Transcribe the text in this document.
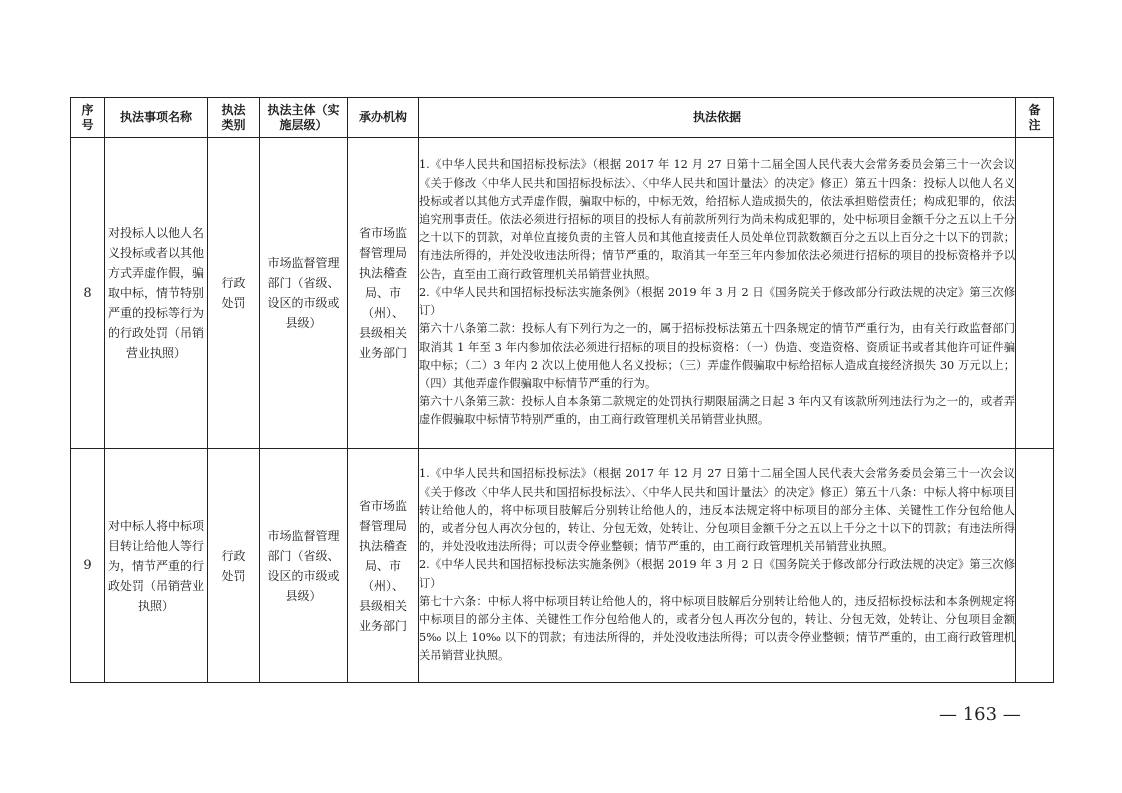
序号	执法事项名称	执法类别	执法主体（实施层级）	承办机构	执法依据	备注
8	对投标人以他人名义投标或者以其他方式弄虚作假，骗取中标，情节特别严重的投标等行为的行政处罚（吊销营业执照）	行政处罚	市场监督管理部门（省级、设区的市级或县级）	省市场监督管理局执法稽查局、市（州）、县级相关业务部门	1.《中华人民共和国招标投标法》（根据 2017 年 12 月 27 日第十二届全国人民代表大会常务委员会第三十一次会议《关于修改〈中华人民共和国招标投标法〉、〈中华人民共和国计量法〉的决定》修正）第五十四条：投标人以他人名义投标或者以其他方式弄虚作假，骗取中标的，中标无效，给招标人造成损失的，依法承担赔偿责任；构成犯罪的，依法追究刑事责任。依法必须进行招标的项目的投标人有前款所列行为尚未构成犯罪的，处中标项目金额千分之五以上千分之十以下的罚款，对单位直接负责的主管人员和其他直接责任人员处单位罚款数额百分之五以上百分之十以下的罚款；有违法所得的，并处没收违法所得；情节严重的，取消其一年至三年内参加依法必须进行招标的项目的投标资格并予以公告，直至由工商行政管理机关吊销营业执照。

2.《中华人民共和国招标投标法实施条例》（根据 2019 年 3 月 2 日《国务院关于修改部分行政法规的决定》第三次修订）

第六十八条第二款：投标人有下列行为之一的，属于招标投标法第五十四条规定的情节严重行为，由有关行政监督部门取消其 1 年至 3 年内参加依法必须进行招标的项目的投标资格：（一）伪造、变造资格、资质证书或者其他许可证件骗取中标；（二）3 年内 2 次以上使用他人名义投标；（三）弄虚作假骗取中标给招标人造成直接经济损失 30 万元以上；（四）其他弄虚作假骗取中标情节严重的行为。

第六十八条第三款：投标人自本条第二款规定的处罚执行期限届满之日起 3 年内又有该款所列违法行为之一的，或者弄虚作假骗取中标情节特别严重的，由工商行政管理机关吊销营业执照。	

9	对中标人将中标项目转让给他人等行为，情节严重的行政处罚（吊销营业执照）	行政处罚	市场监督管理部门（省级、设区的市级或县级）	省市场监督管理局执法稽查局、市（州）、县级相关业务部门	1.《中华人民共和国招标投标法》（根据 2017 年 12 月 27 日第十二届全国人民代表大会常务委员会第三十一次会议《关于修改〈中华人民共和国招标投标法〉、〈中华人民共和国计量法〉的决定》修正）第五十八条：中标人将中标项目转让给他人的，将中标项目肢解后分别转让给他人的，违反本法规定将中标项目的部分主体、关键性工作分包给他人的，或者分包人再次分包的，转让、分包无效，处转让、分包项目金额千分之五以上千分之十以下的罚款；有违法所得的，并处没收违法所得；可以责令停业整顿；情节严重的，由工商行政管理机关吊销营业执照。

2.《中华人民共和国招标投标法实施条例》（根据 2019 年 3 月 2 日《国务院关于修改部分行政法规的决定》第三次修订）

第七十六条：中标人将中标项目转让给他人的，将中标项目肢解后分别转让给他人的，违反招标投标法和本条例规定将中标项目的部分主体、关键性工作分包给他人的，或者分包人再次分包的，转让、分包无效，处转让、分包项目金额 5‰ 以上 10‰ 以下的罚款；有违法所得的，并处没收违法所得；可以责令停业整顿；情节严重的，由工商行政管理机关吊销营业执照。	

— 163 —
